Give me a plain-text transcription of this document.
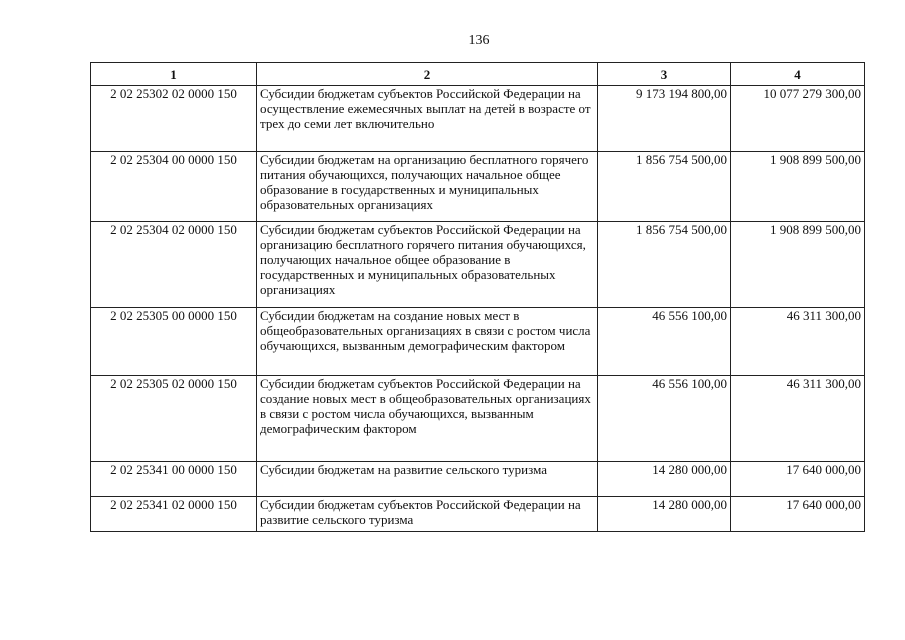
136
1	2	3	4
2 02 25302 02 0000 150	Субсидии бюджетам субъектов Российской Федерации на осуществление ежемесячных выплат на детей в возрасте от трех до семи лет включительно	9 173 194 800,00	10 077 279 300,00
2 02 25304 00 0000 150	Субсидии бюджетам на организацию бесплатного горячего питания обучающихся, получающих начальное общее образование в государственных и муниципальных образовательных организациях	1 856 754 500,00	1 908 899 500,00
2 02 25304 02 0000 150	Субсидии бюджетам субъектов Российской Федерации на организацию бесплатного горячего питания обучающихся, получающих начальное общее образование в государственных и муниципальных образовательных организациях	1 856 754 500,00	1 908 899 500,00
2 02 25305 00 0000 150	Субсидии бюджетам на создание новых мест в общеобразовательных организациях в связи с ростом числа обучающихся, вызванным демографическим фактором	46 556 100,00	46 311 300,00
2 02 25305 02 0000 150	Субсидии бюджетам субъектов Российской Федерации на создание новых мест в общеобразовательных организациях в связи с ростом числа обучающихся, вызванным демографическим фактором	46 556 100,00	46 311 300,00
2 02 25341 00 0000 150	Субсидии бюджетам на развитие сельского туризма	14 280 000,00	17 640 000,00
2 02 25341 02 0000 150	Субсидии бюджетам субъектов Российской Федерации на развитие сельского туризма	14 280 000,00	17 640 000,00
